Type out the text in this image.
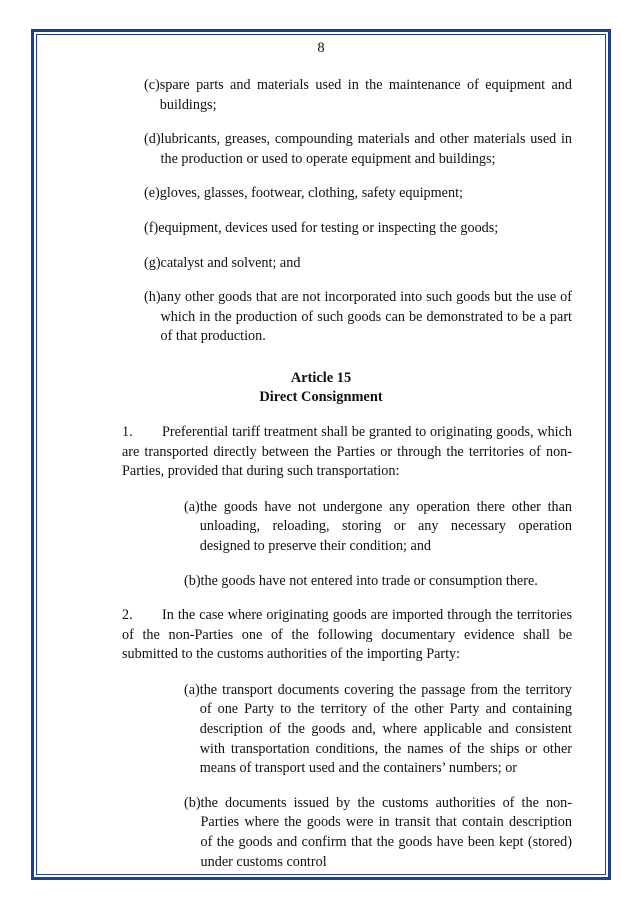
8
(c) spare parts and materials used in the maintenance of equipment and buildings;
(d) lubricants, greases, compounding materials and other materials used in the production or used to operate equipment and buildings;
(e) gloves, glasses, footwear, clothing, safety equipment;
(f) equipment, devices used for testing or inspecting the goods;
(g) catalyst and solvent; and
(h) any other goods that are not incorporated into such goods but the use of which in the production of such goods can be demonstrated to be a part of that production.
Article 15
Direct Consignment
1. Preferential tariff treatment shall be granted to originating goods, which are transported directly between the Parties or through the territories of non-Parties, provided that during such transportation:
(a) the goods have not undergone any operation there other than unloading, reloading, storing or any necessary operation designed to preserve their condition; and
(b) the goods have not entered into trade or consumption there.
2. In the case where originating goods are imported through the territories of the non-Parties one of the following documentary evidence shall be submitted to the customs authorities of the importing Party:
(a) the transport documents covering the passage from the territory of one Party to the territory of the other Party and containing description of the goods and, where applicable and consistent with transportation conditions, the names of the ships or other means of transport used and the containers’ numbers; or
(b) the documents issued by the customs authorities of the non-Parties where the goods were in transit that contain description of the goods and confirm that the goods have been kept (stored) under customs control
